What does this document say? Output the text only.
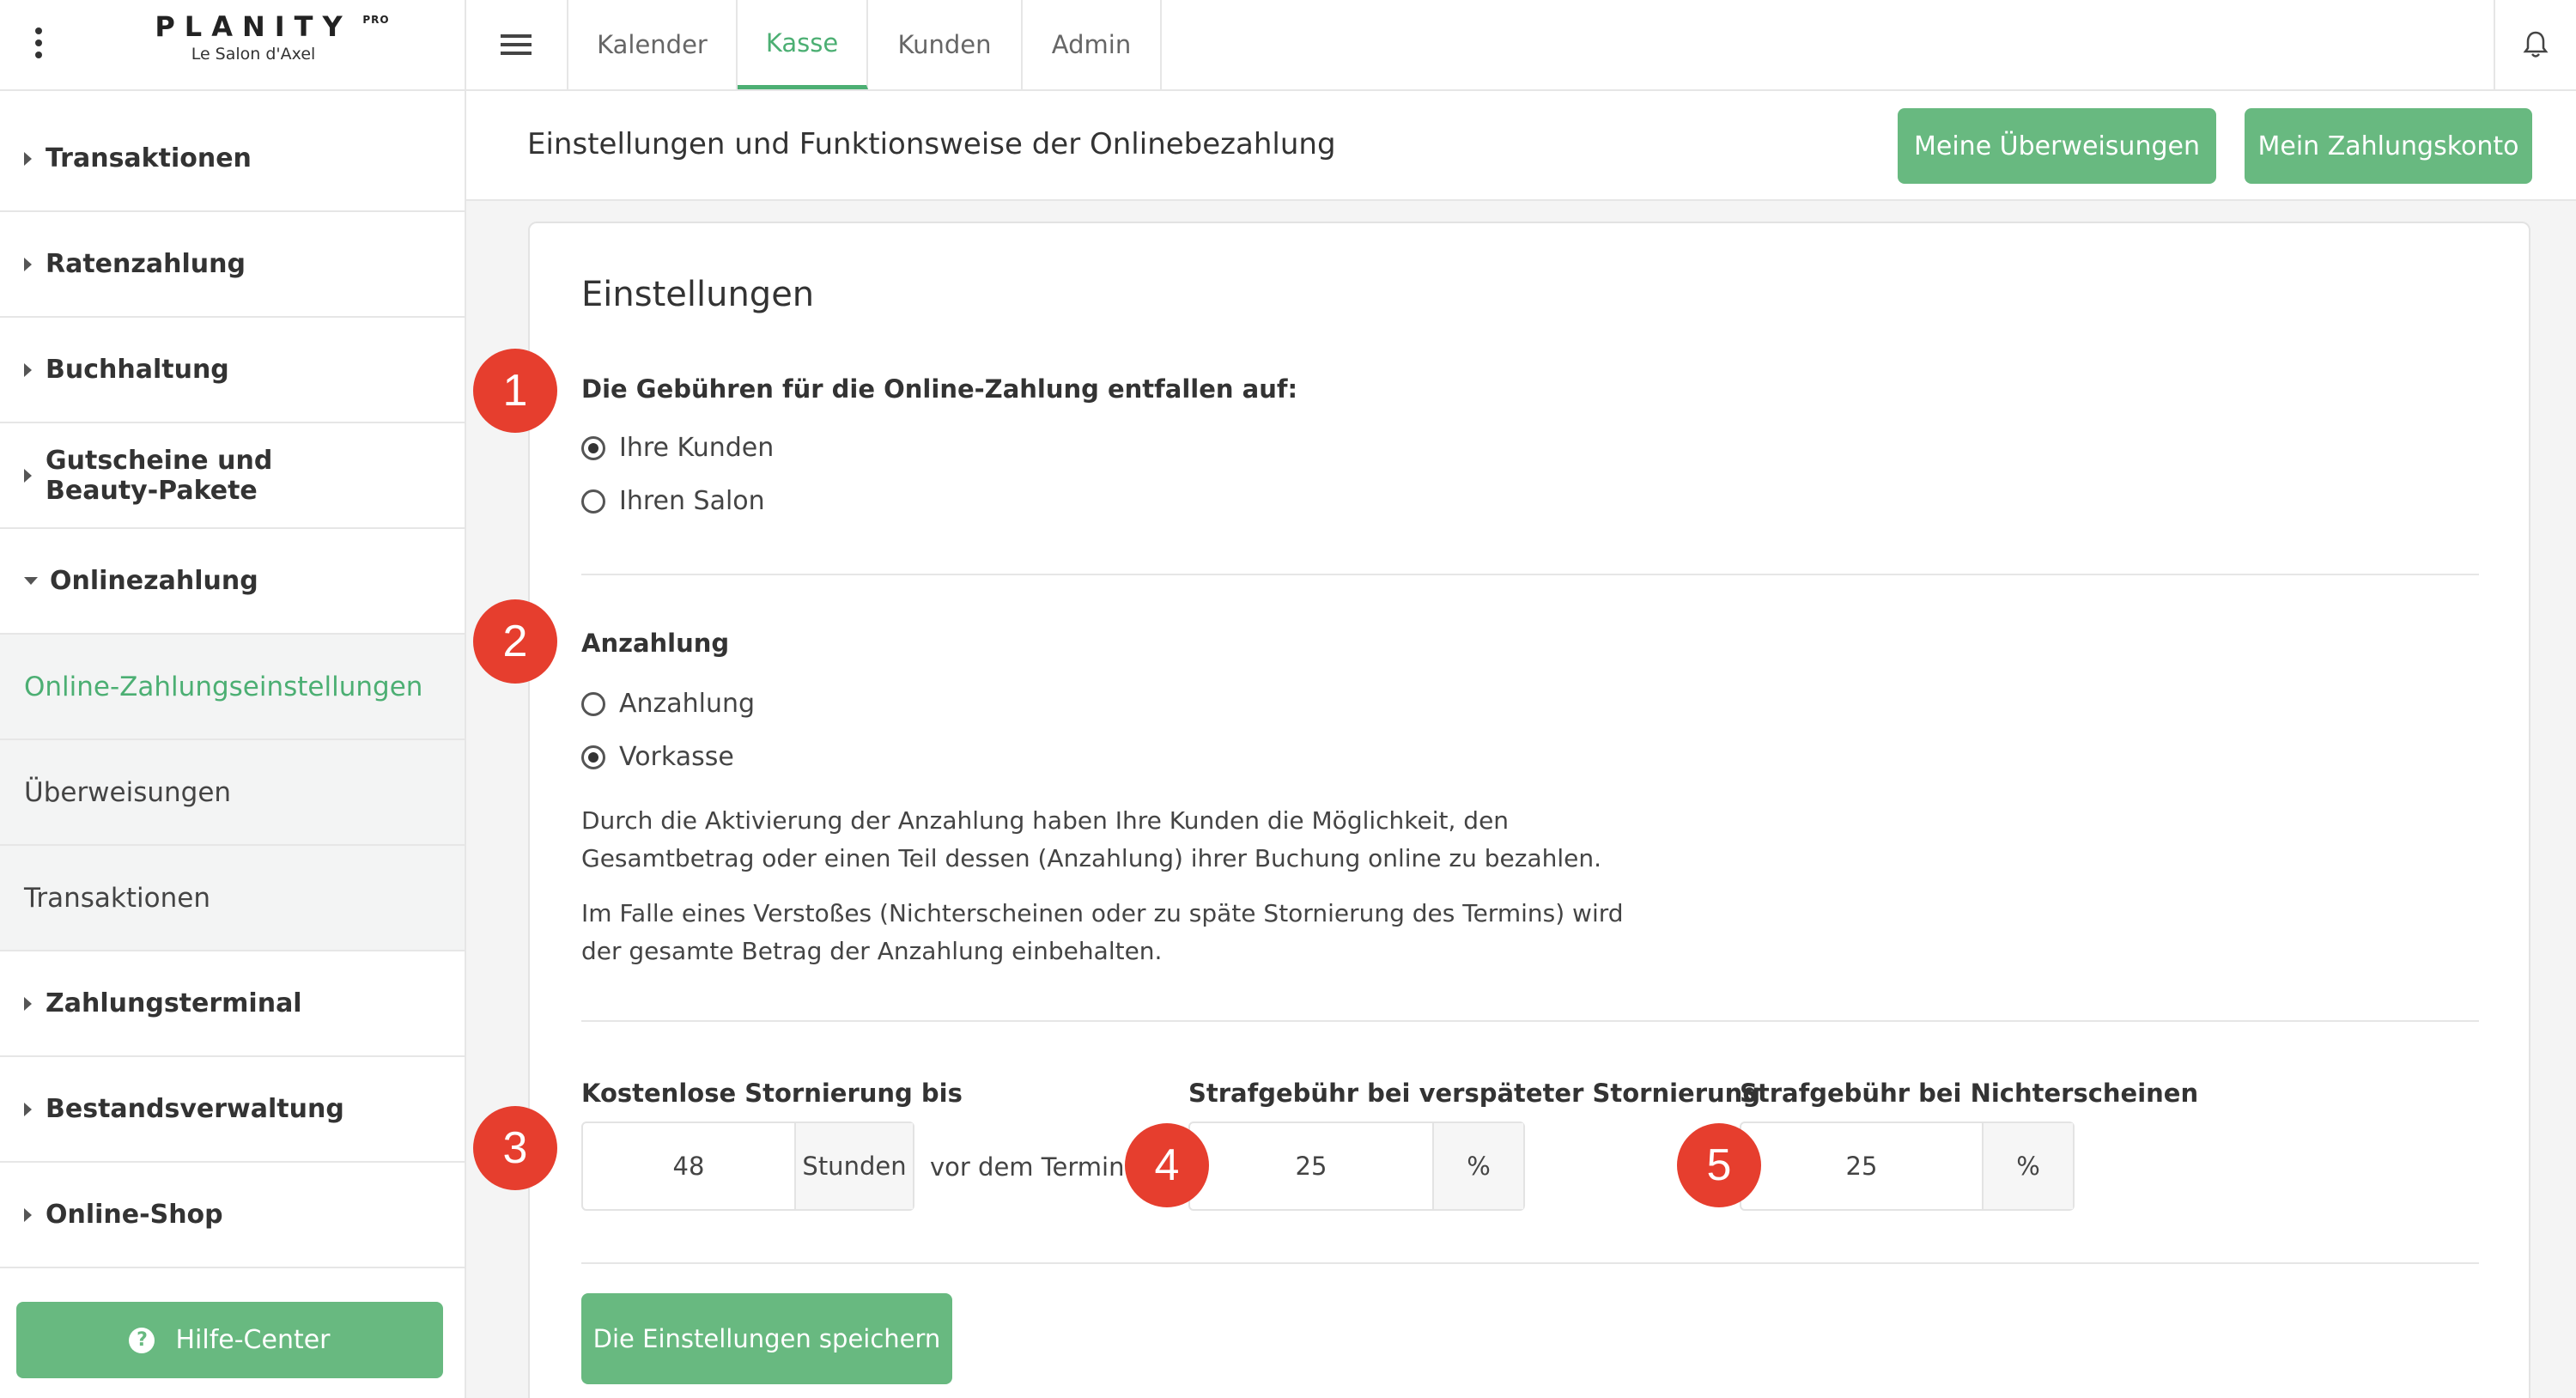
PLANITY PRO
Le Salon d'Axel
Transaktionen
Ratenzahlung
Buchhaltung
Gutscheine und Beauty-Pakete
Onlinezahlung
Online-Zahlungseinstellungen
Überweisungen
Transaktionen
Zahlungsterminal
Bestandsverwaltung
Online-Shop
? Hilfe-Center
Kalender	Kasse	Kunden	Admin
Einstellungen und Funktionsweise der Onlinebezahlung	Meine Überweisungen	Mein Zahlungskonto
Einstellungen
Die Gebühren für die Online-Zahlung entfallen auf:
Ihre Kunden
Ihren Salon
Anzahlung
Anzahlung
Vorkasse
Durch die Aktivierung der Anzahlung haben Ihre Kunden die Möglichkeit, den
Gesamtbetrag oder einen Teil dessen (Anzahlung) ihrer Buchung online zu bezahlen.
Im Falle eines Verstoßes (Nichterscheinen oder zu späte Stornierung des Termins) wird
der gesamte Betrag der Anzahlung einbehalten.
Kostenlose Stornierung bis
48	Stunden vor dem Termin
Strafgebühr bei verspäteter Stornierung
25	%
Strafgebühr bei Nichterscheinen
25	%
Die Einstellungen speichern
1
2
3	4	5
